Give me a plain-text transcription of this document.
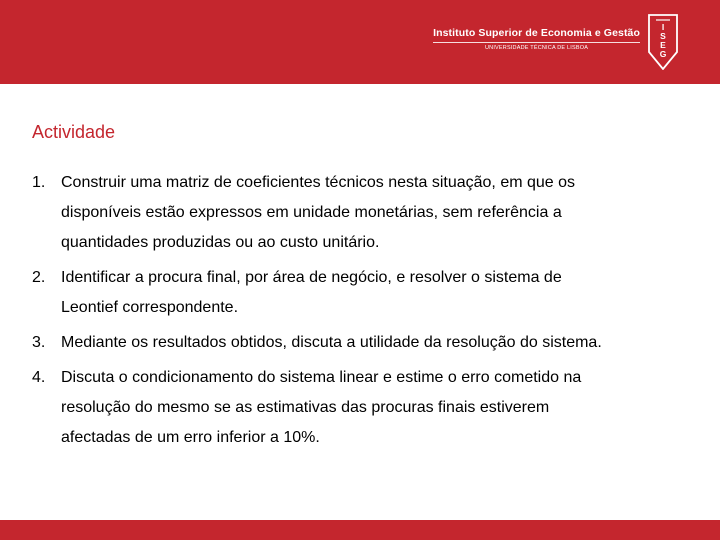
Instituto Superior de Economia e Gestão
UNIVERSIDADE TÉCNICA DE LISBOA
I
S
E
G
Actividade
1. Construir uma matriz de coeficientes técnicos nesta situação, em que os
disponíveis estão expressos em unidade monetárias, sem referência a
quantidades produzidas ou ao custo unitário.
2. Identificar a procura final, por área de negócio, e resolver o sistema de
Leontief correspondente.
3. Mediante os resultados obtidos, discuta a utilidade da resolução do sistema.
4. Discuta o condicionamento do sistema linear e estime o erro cometido na
resolução do mesmo se as estimativas das procuras finais estiverem
afectadas de um erro inferior a 10%.
